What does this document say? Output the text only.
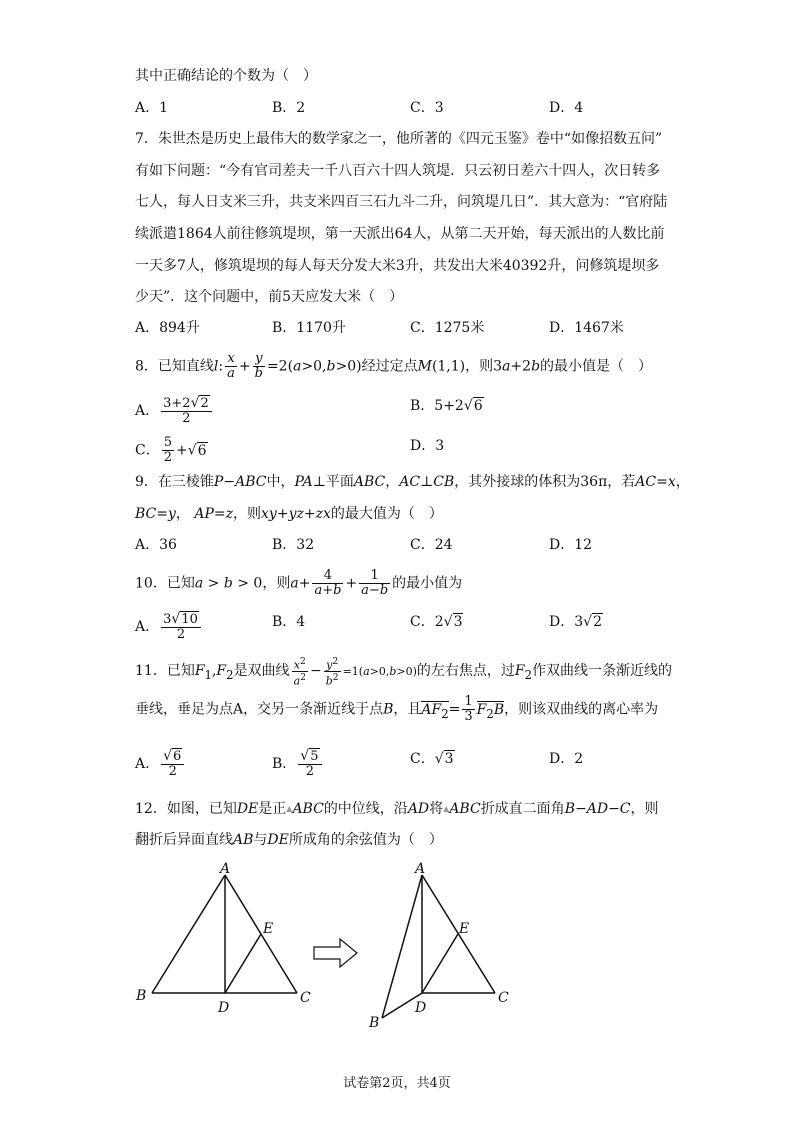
其中正确结论的个数为（　）
A．1	B．2	C．3	D．4
7．朱世杰是历史上最伟大的数学家之一，他所著的《四元玉鉴》卷中“如像招数五问”
有如下问题：“今有官司差夫一千八百六十四人筑堤．只云初日差六十四人，次日转多
七人，每人日支米三升，共支米四百三石九斗二升，问筑堤几日”．其大意为：“官府陆
续派遣1864人前往修筑堤坝，第一天派出64人，从第二天开始，每天派出的人数比前
一天多7人，修筑堤坝的每人每天分发大米3升，共发出大米40392升，问修筑堤坝多
少天”．这个问题中，前5天应发大米（　）
A．894升	B．1170升	C．1275米	D．1467米
8．已知直线l: $\frac{x}{a} + \frac{y}{b} =2(a>0,b>0)$经过定点M(1,1)，则3a+2b的最小值是（　）
A． $\frac{3+2√2}{2}$	B．5+2√6
C． $\frac{5}{2} +√6$	D．3
9．在三棱锥P−ABC中，PA⊥平面ABC，AC⊥CB，其外接球的体积为36π，若AC=x，
BC=y， AP=z，则xy+yz+zx的最大值为（　）
A．36	B．32	C．24	D．12
10．已知a > b > 0，则$a+ \frac{4}{a+b} + \frac{1}{a-b}$ 的最小值为
A． $\frac{3√10}{2}$	B．4	C．2√3	D．3√2
11．已知$F_1,F_2$是双曲线 $\frac{x^2}{a^2} - \frac{y^2}{b^2} =1(a>0,b>0)$的左右焦点，过$F_2$作双曲线一条渐近线的
垂线，垂足为点A，交另一条渐近线于点B，且$AF_2= \frac{1}{3} F_2B$，则该双曲线的离心率为
A． $\frac{√6}{2}$	B． $\frac{√5}{2}$	C．√3	D．2
12．如图，已知DE是正▲ABC的中位线，沿AD将▲ABC折成直二面角B−AD−C，则
翻折后异面直线AB与DE所成角的余弦值为（　）
A
B	C
D
E
A
B
C
D
E
试卷第2页，共4页
